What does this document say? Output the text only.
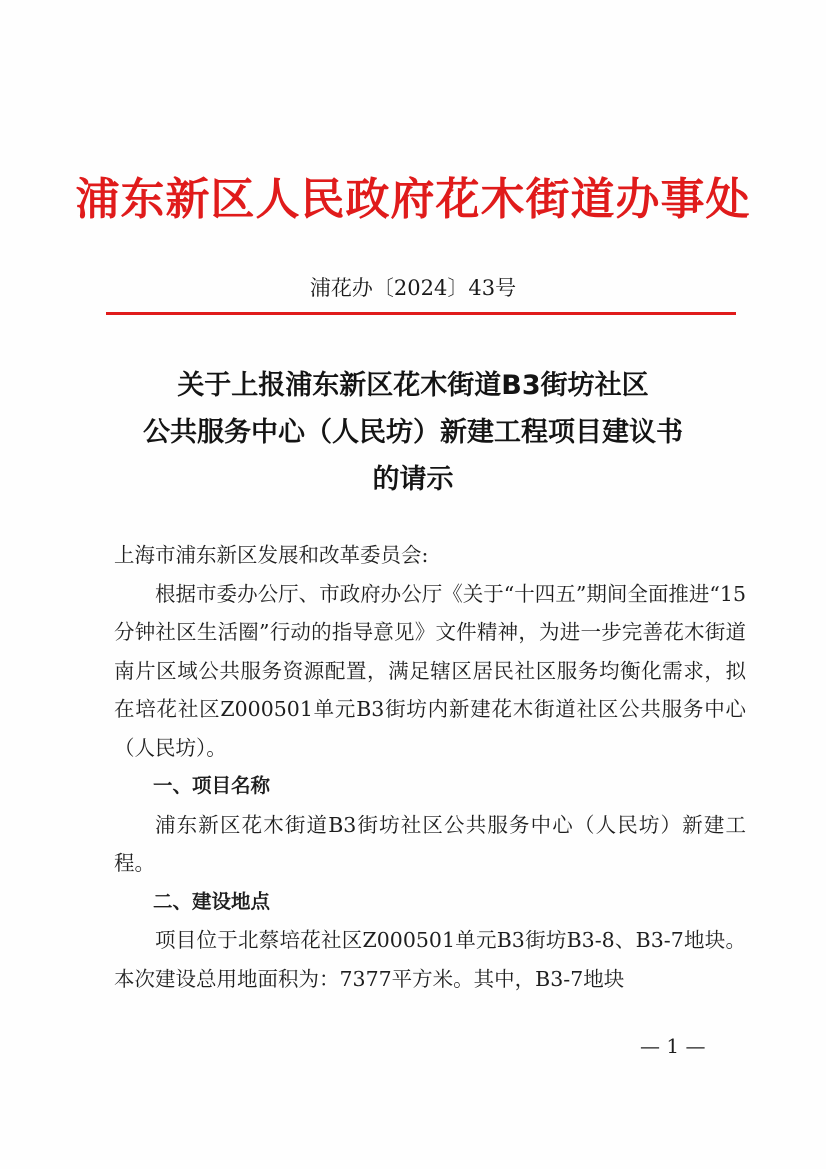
浦东新区人民政府花木街道办事处
浦花办〔2024〕43号
关于上报浦东新区花木街道B3街坊社区
公共服务中心（人民坊）新建工程项目建议书
的请示

上海市浦东新区发展和改革委员会:

根据市委办公厅、市政府办公厅《关于“十四五”期间全面推进“15分钟社区生活圈”行动的指导意见》文件精神，为进一步完善花木街道南片区域公共服务资源配置，满足辖区居民社区服务均衡化需求，拟在培花社区Z000501单元B3街坊内新建花木街道社区公共服务中心（人民坊）。

一、项目名称

浦东新区花木街道B3街坊社区公共服务中心（人民坊）新建工程。

二、建设地点

项目位于北蔡培花社区Z000501单元B3街坊B3-8、B3-7地块。本次建设总用地面积为：7377平方米。其中，B3-7地块

— 1 —
